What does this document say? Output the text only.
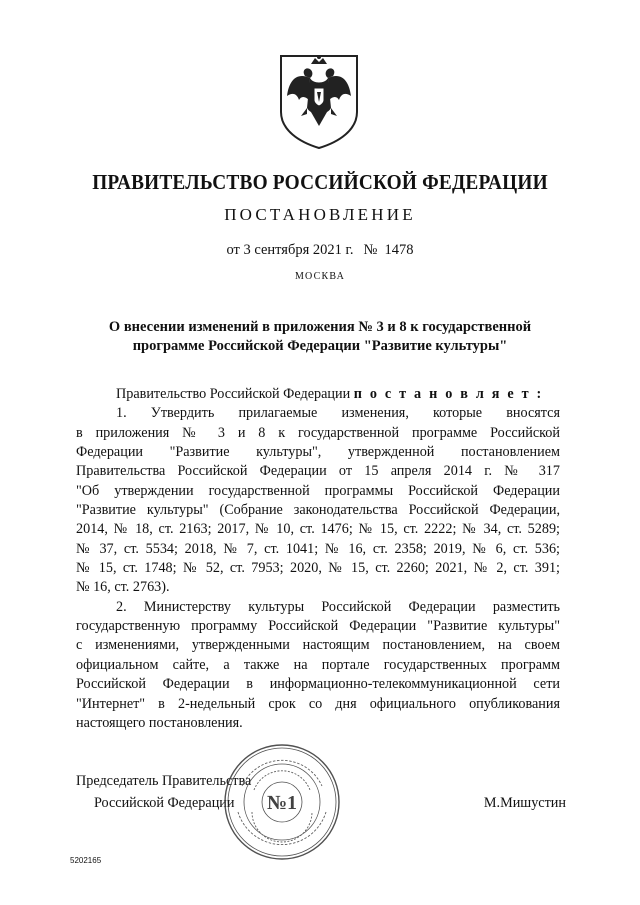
ПРАВИТЕЛЬСТВО РОССИЙСКОЙ ФЕДЕРАЦИИ
ПОСТАНОВЛЕНИЕ
от 3 сентября 2021 г. № 1478
МОСКВА
О внесении изменений в приложения № 3 и 8 к государственной
программе Российской Федерации "Развитие культуры"

Правительство Российской Федерации п о с т а н о в л я е т :

1. Утвердить прилагаемые изменения, которые вносятся
в приложения № 3 и 8 к государственной программе Российской
Федерации "Развитие культуры", утвержденной постановлением
Правительства Российской Федерации от 15 апреля 2014 г. № 317
"Об утверждении государственной программы Российской Федерации
"Развитие культуры" (Собрание законодательства Российской Федерации,
2014, № 18, ст. 2163; 2017, № 10, ст. 1476; № 15, ст. 2222; № 34, ст. 5289;
№ 37, ст. 5534; 2018, № 7, ст. 1041; № 16, ст. 2358; 2019, № 6, ст. 536;
№ 15, ст. 1748; № 52, ст. 7953; 2020, № 15, ст. 2260; 2021, № 2, ст. 391;
№ 16, ст. 2763).
2. Министерству культуры Российской Федерации разместить
государственную программу Российской Федерации "Развитие культуры"
с изменениями, утвержденными настоящим постановлением, на своем
официальном сайте, а также на портале государственных программ
Российской Федерации в информационно-телекоммуникационной сети
"Интернет" в 2-недельный срок со дня официального опубликования
настоящего постановления.
Председатель Правительства
Российской Федерации	М.Мишустин
№1
5202165
